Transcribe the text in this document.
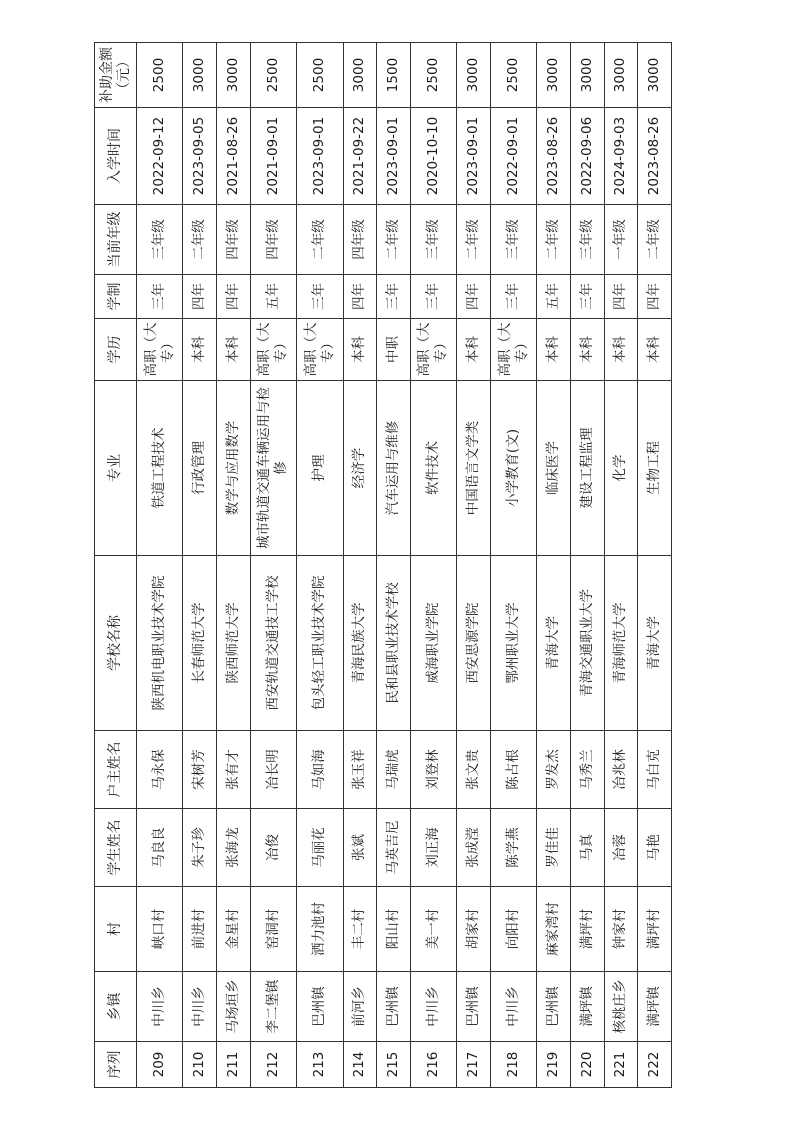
序列	乡镇	村	学生姓名	户主姓名	学校名称	专业	学历	学制	当前年级	入学时间	补助金额（元）
209	中川乡	峡口村	马良良	马永保	陕西机电职业技术学院	铁道工程技术	高职（大专）	三年	三年级	2022-09-12	2500
210	中川乡	前进村	朱子珍	宋树芳	长春师范大学	行政管理	本科	四年	二年级	2023-09-05	3000
211	马场垣乡	金星村	张海龙	张有才	陕西师范大学	数学与应用数学	本科	四年	四年级	2021-08-26	3000
212	李二堡镇	窑洞村	冶俊	冶长明	西安轨道交通技工学校	城市轨道交通车辆运用与检修	高职（大专）	五年	四年级	2021-09-01	2500
213	巴州镇	洒力池村	马丽花	马如海	包头轻工职业技术学院	护理	高职（大专）	三年	二年级	2023-09-01	2500
214	前河乡	丰二村	张斌	张玉祥	青海民族大学	经济学	本科	四年	四年级	2021-09-22	3000
215	巴州镇	阳山村	马英吉尼	马瑞虎	民和县职业技术学校	汽车运用与维修	中职	三年	二年级	2023-09-01	1500
216	中川乡	美一村	刘正海	刘登林	威海职业学院	软件技术	高职（大专）	三年	三年级	2020-10-10	2500
217	巴州镇	胡家村	张成滢	张文贵	西安思源学院	中国语言文学类	本科	四年	二年级	2023-09-01	3000
218	中川乡	向阳村	陈学燕	陈占根	鄂州职业大学	小学教育(文)	高职（大专）	三年	三年级	2022-09-01	2500
219	巴州镇	麻家湾村	罗佳佳	罗发杰	青海大学	临床医学	本科	五年	二年级	2023-08-26	3000
220	满坪镇	满坪村	马真	马秀兰	青海交通职业大学	建设工程监理	本科	三年	三年级	2022-09-06	3000
221	核桃庄乡	钟家村	冶蓉	冶兆林	青海师范大学	化学	本科	四年	一年级	2024-09-03	3000
222	满坪镇	满坪村	马艳	马白克	青海大学	生物工程	本科	四年	二年级	2023-08-26	3000
